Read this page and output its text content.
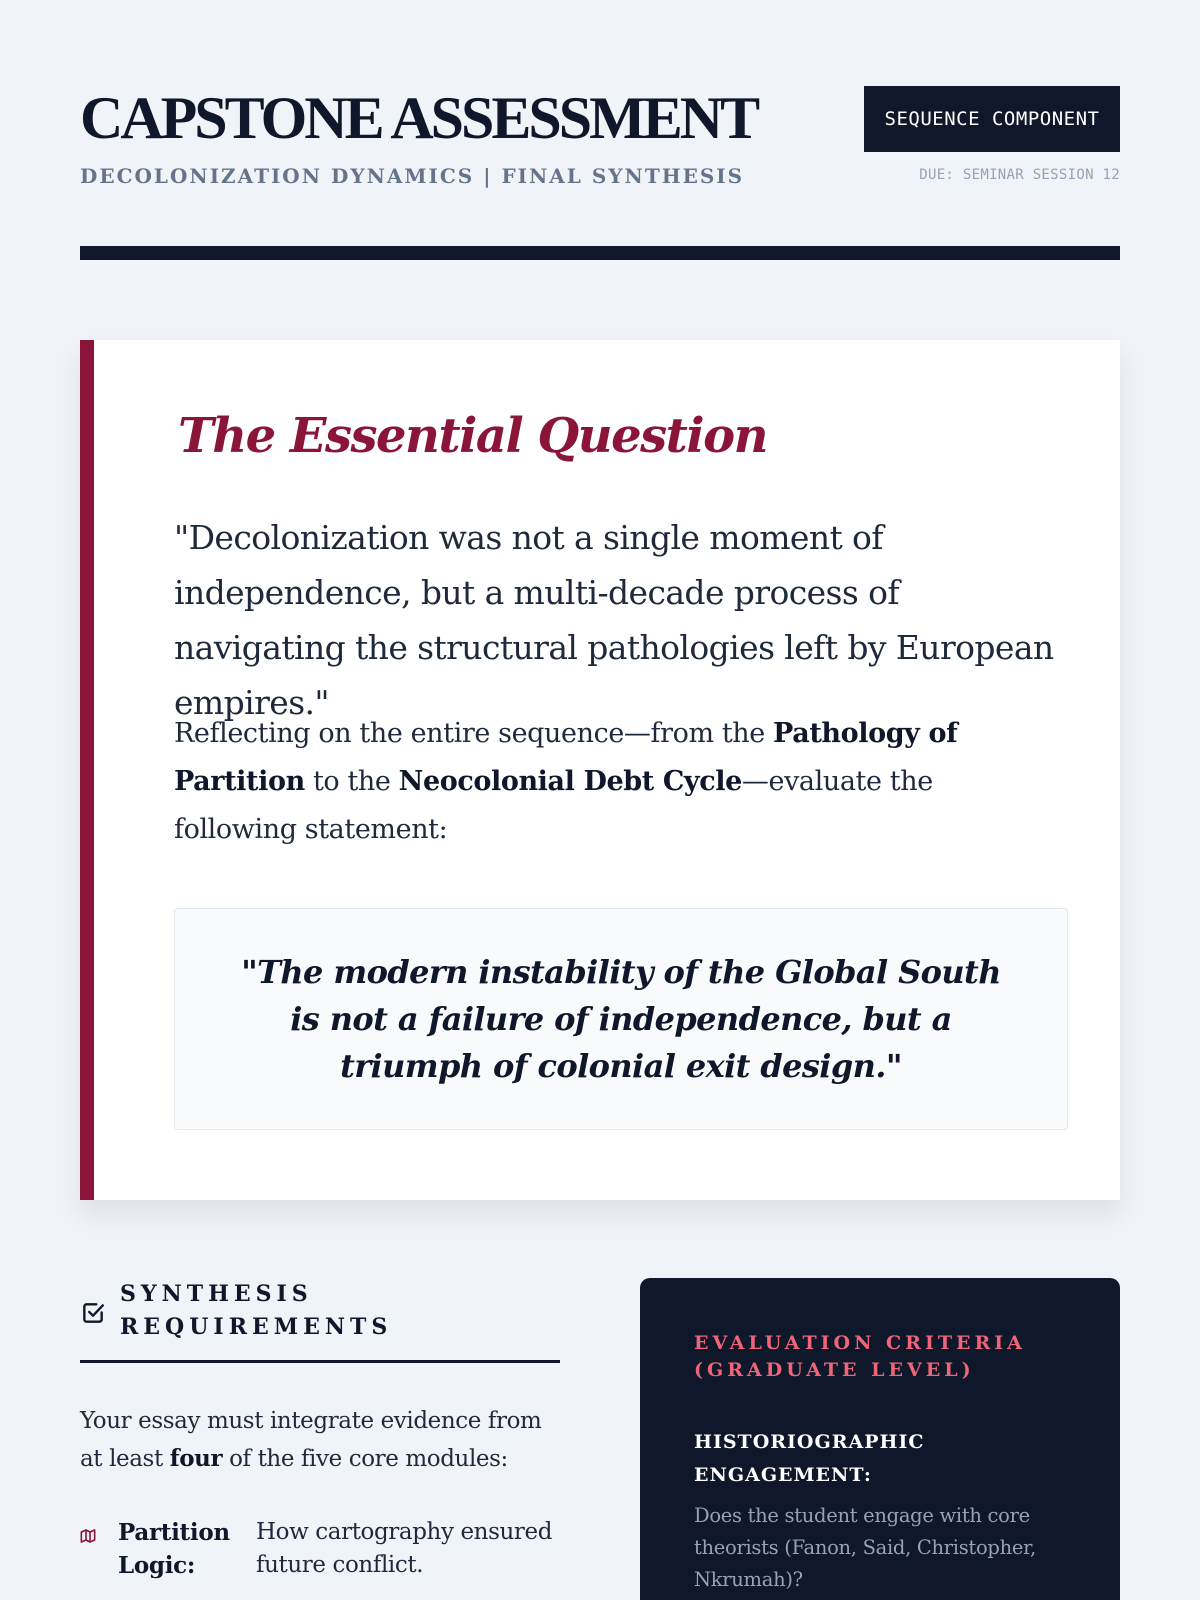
CAPSTONE ASSESSMENT
DECOLONIZATION DYNAMICS | FINAL SYNTHESIS
SEQUENCE COMPONENT
DUE: SEMINAR SESSION 12
The Essential Question

"Decolonization was not a single moment of independence, but a multi-decade process of navigating the structural pathologies left by European empires."

Reflecting on the entire sequence—from the Pathology of Partition to the Neocolonial Debt Cycle—evaluate the following statement:

"The modern instability of the Global South is not a failure of independence, but a triumph of colonial exit design."

SYNTHESIS REQUIREMENTS

Your essay must integrate evidence from at least four of the five core modules:

Partition Logic:
How cartography ensured future conflict.
EVALUATION CRITERIA (GRADUATE LEVEL)
HISTORIOGRAPHIC ENGAGEMENT:

Does the student engage with core theorists (Fanon, Said, Christopher, Nkrumah)?
